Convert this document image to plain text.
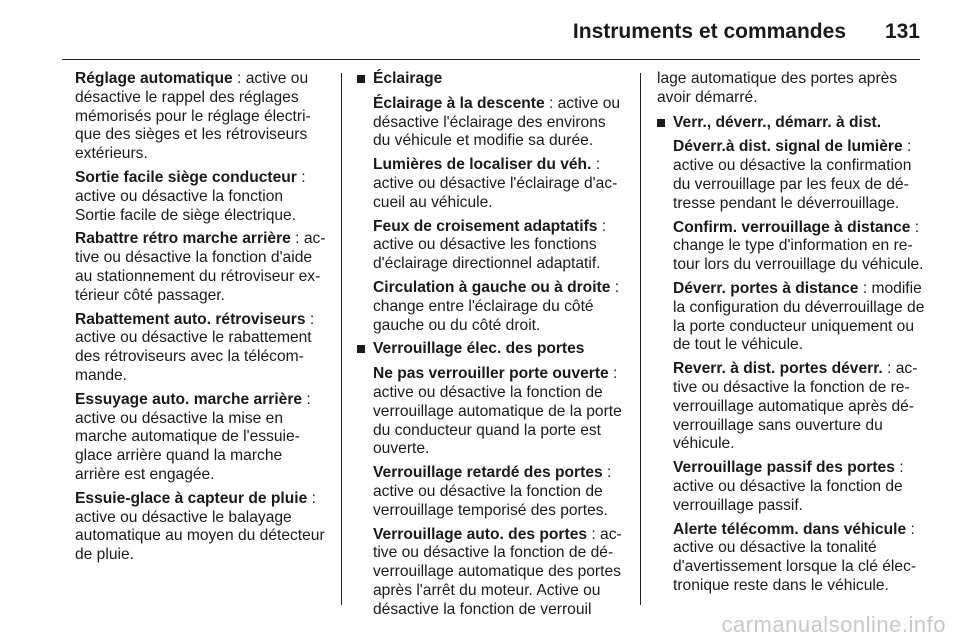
Instruments et commandes 131

Réglage automatique : active ou désactive le rappel des réglages mémorisés pour le réglage électrique des sièges et les rétroviseurs extérieurs.

Sortie facile siège conducteur : active ou désactive la fonction Sortie facile de siège électrique.

Rabattre rétro marche arrière : active ou désactive la fonction d'aide au stationnement du rétroviseur extérieur côté passager.

Rabattement auto. rétroviseurs : active ou désactive le rabattement des rétroviseurs avec la télécommande.

Essuyage auto. marche arrière : active ou désactive la mise en marche automatique de l'essuie-glace arrière quand la marche arrière est engagée.

Essuie-glace à capteur de pluie : active ou désactive le balayage automatique au moyen du détecteur de pluie.

Éclairage

Éclairage à la descente : active ou désactive l'éclairage des environs du véhicule et modifie sa durée.

Lumières de localiser du véh. : active ou désactive l'éclairage d'accueil au véhicule.

Feux de croisement adaptatifs : active ou désactive les fonctions d'éclairage directionnel adaptatif.

Circulation à gauche ou à droite : change entre l'éclairage du côté gauche ou du côté droit.

Verrouillage élec. des portes

Ne pas verrouiller porte ouverte : active ou désactive la fonction de verrouillage automatique de la porte du conducteur quand la porte est ouverte.

Verrouillage retardé des portes : active ou désactive la fonction de verrouillage temporisé des portes.

Verrouillage auto. des portes : active ou désactive la fonction de déverrouillage automatique des portes après l'arrêt du moteur. Active ou désactive la fonction de verrouil

lage automatique des portes après avoir démarré.

Verr., déverr., démarr. à dist.

Déverr.à dist. signal de lumière : active ou désactive la confirmation du verrouillage par les feux de détresse pendant le déverrouillage.

Confirm. verrouillage à distance : change le type d'information en retour lors du verrouillage du véhicule.

Déverr. portes à distance : modifie la configuration du déverrouillage de la porte conducteur uniquement ou de tout le véhicule.

Reverr. à dist. portes déverr. : active ou désactive la fonction de reverrouillage automatique après déverrouillage sans ouverture du véhicule.

Verrouillage passif des portes : active ou désactive la fonction de verrouillage passif.

Alerte télécomm. dans véhicule : active ou désactive la tonalité d'avertissement lorsque la clé électronique reste dans le véhicule.

carmanualsonline.info
